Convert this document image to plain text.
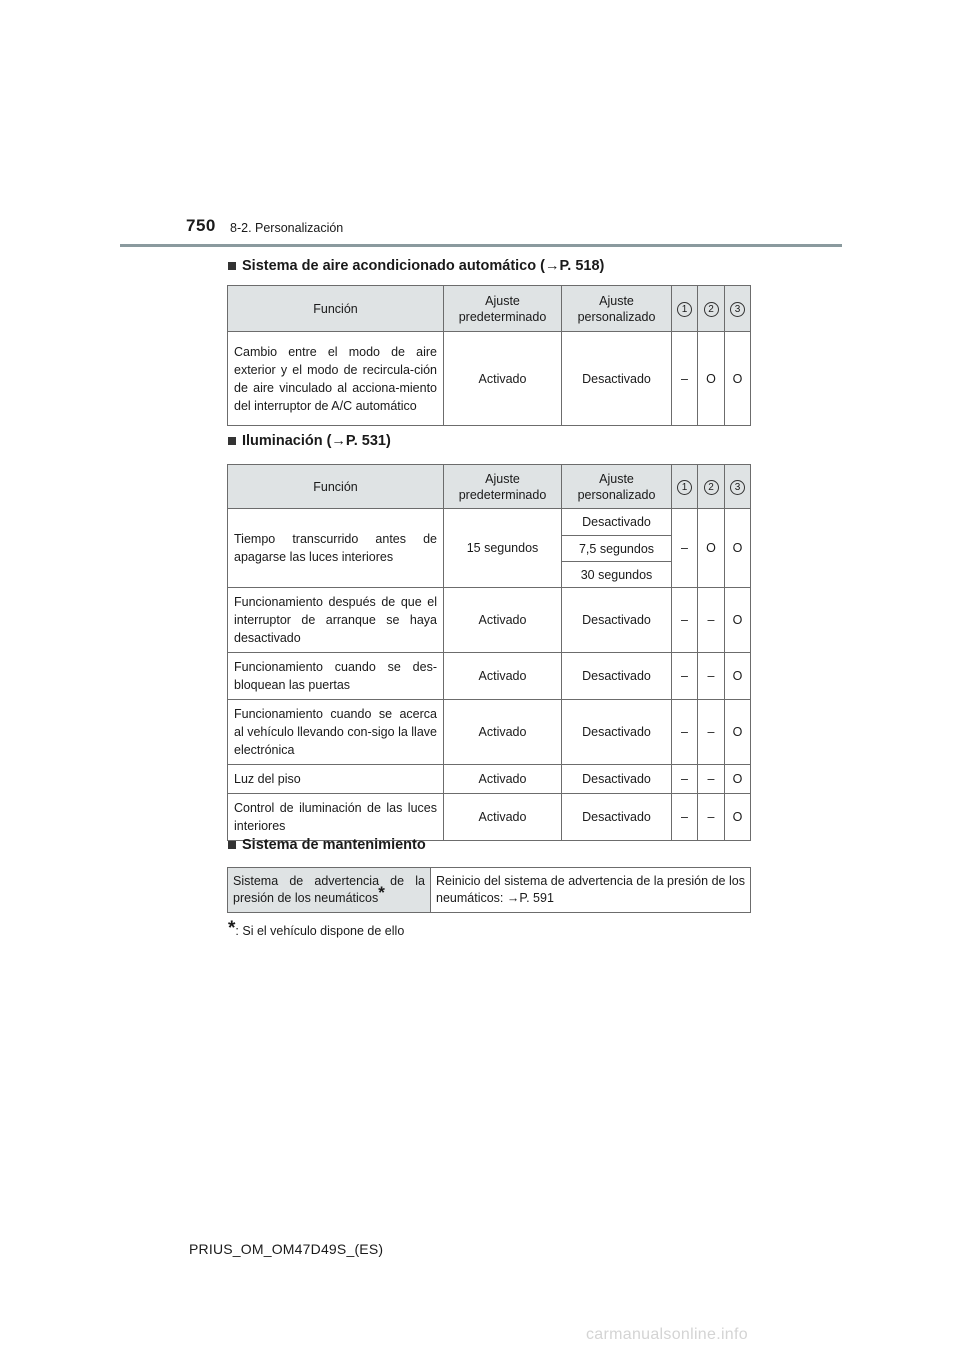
750 8-2. Personalización
Sistema de aire acondicionado automático ( → P. 518)
Función	Ajuste predeterminado	Ajuste personalizado	1	2	3
Cambio entre el modo de aire exterior y el modo de recircula-ción de aire vinculado al acciona-miento del interruptor de A/C automático	Activado	Desactivado	–	O	O
Iluminación ( → P. 531)
Función	Ajuste predeterminado	Ajuste personalizado	1	2	3
Tiempo transcurrido antes de apagarse las luces interiores	15 segundos	Desactivado	–	O	O
		7,5 segundos			
		30 segundos			
Funcionamiento después de que el interruptor de arranque se haya desactivado	Activado	Desactivado	–	–	O
Funcionamiento cuando se des-bloquean las puertas	Activado	Desactivado	–	–	O
Funcionamiento cuando se acerca al vehículo llevando con-sigo la llave electrónica	Activado	Desactivado	–	–	O
Luz del piso	Activado	Desactivado	–	–	O
Control de iluminación de las luces interiores	Activado	Desactivado	–	–	O
Sistema de mantenimiento
Sistema de advertencia de la presión de los neumáticos*	Reinicio del sistema de advertencia de la presión de los neumáticos: →P. 591
*: Si el vehículo dispone de ello
PRIUS_OM_OM47D49S_(ES)
carmanualsonline.info
